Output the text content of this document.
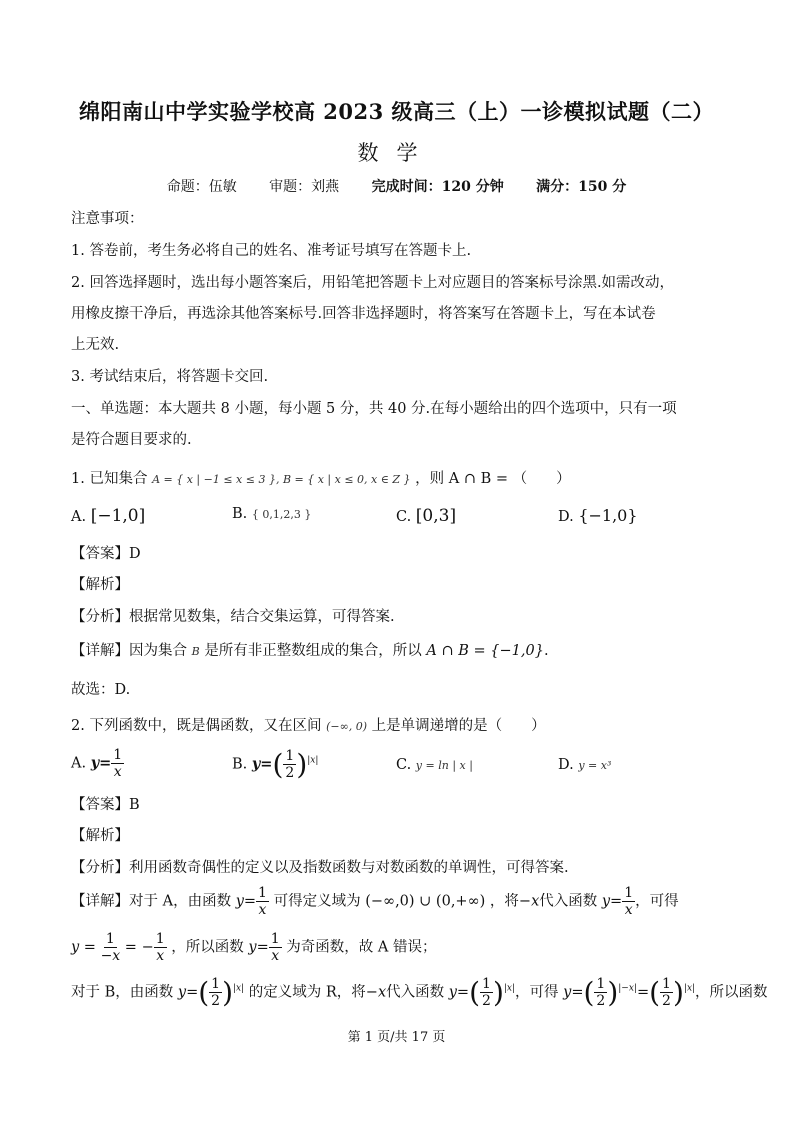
绵阳南山中学实验学校高 2023 级高三（上）一诊模拟试题（二）
数学
命题：伍敏 审题：刘燕 完成时间：120 分钟 满分：150 分
注意事项：
1. 答卷前，考生务必将自己的姓名、准考证号填写在答题卡上.
2. 回答选择题时，选出每小题答案后，用铅笔把答题卡上对应题目的答案标号涂黑.如需改动，
用橡皮擦干净后，再选涂其他答案标号.回答非选择题时，将答案写在答题卡上，写在本试卷
上无效.
3. 考试结束后，将答题卡交回.
一、单选题：本大题共 8 小题，每小题 5 分，共 40 分.在每小题给出的四个选项中，只有一项
是符合题目要求的.
1. 已知集合 A = { x | −1 ≤ x ≤ 3 }, B = { x | x ≤ 0, x ∈ Z } ，则 A ∩ B = （　　）
A. [−1,0]	B. { 0,1,2,3 }	C. [0,3]	D. {−1,0}
【答案】D
【解析】
【分析】根据常见数集，结合交集运算，可得答案.
【详解】因为集合 B 是所有非正整数组成的集合，所以 A ∩ B = {−1,0}.
故选：D.
2. 下列函数中，既是偶函数，又在区间 (−∞, 0) 上是单调递增的是（　　）
A. $y= \frac{1}{x}$	B. $y=( \frac{1}{2} )^{|x|}$	C. y = ln | x |	D. y = x³
【答案】B
【解析】
【分析】利用函数奇偶性的定义以及指数函数与对数函数的单调性，可得答案.
【详解】对于 A，由函数 $y= \frac{1}{x}$ 可得定义域为 (−∞,0) ∪ (0,+∞) ，将−x代入函数 $y= \frac{1}{x}$ ，可得
$y = \frac{1}{-x}$ = − $\frac{1}{x}$ ，所以函数 $y= \frac{1}{x}$ 为奇函数，故 A 错误；
对于 B，由函数 $y=( \frac{1}{2} )^{|x|}$ 的定义域为 R，将−x代入函数 $y=( \frac{1}{2} )^{|x|}$，可得 $y=( \frac{1}{2} )^{|-x|}=( \frac{1}{2} )^{|x|}$，所以函数
第 1 页/共 17 页
